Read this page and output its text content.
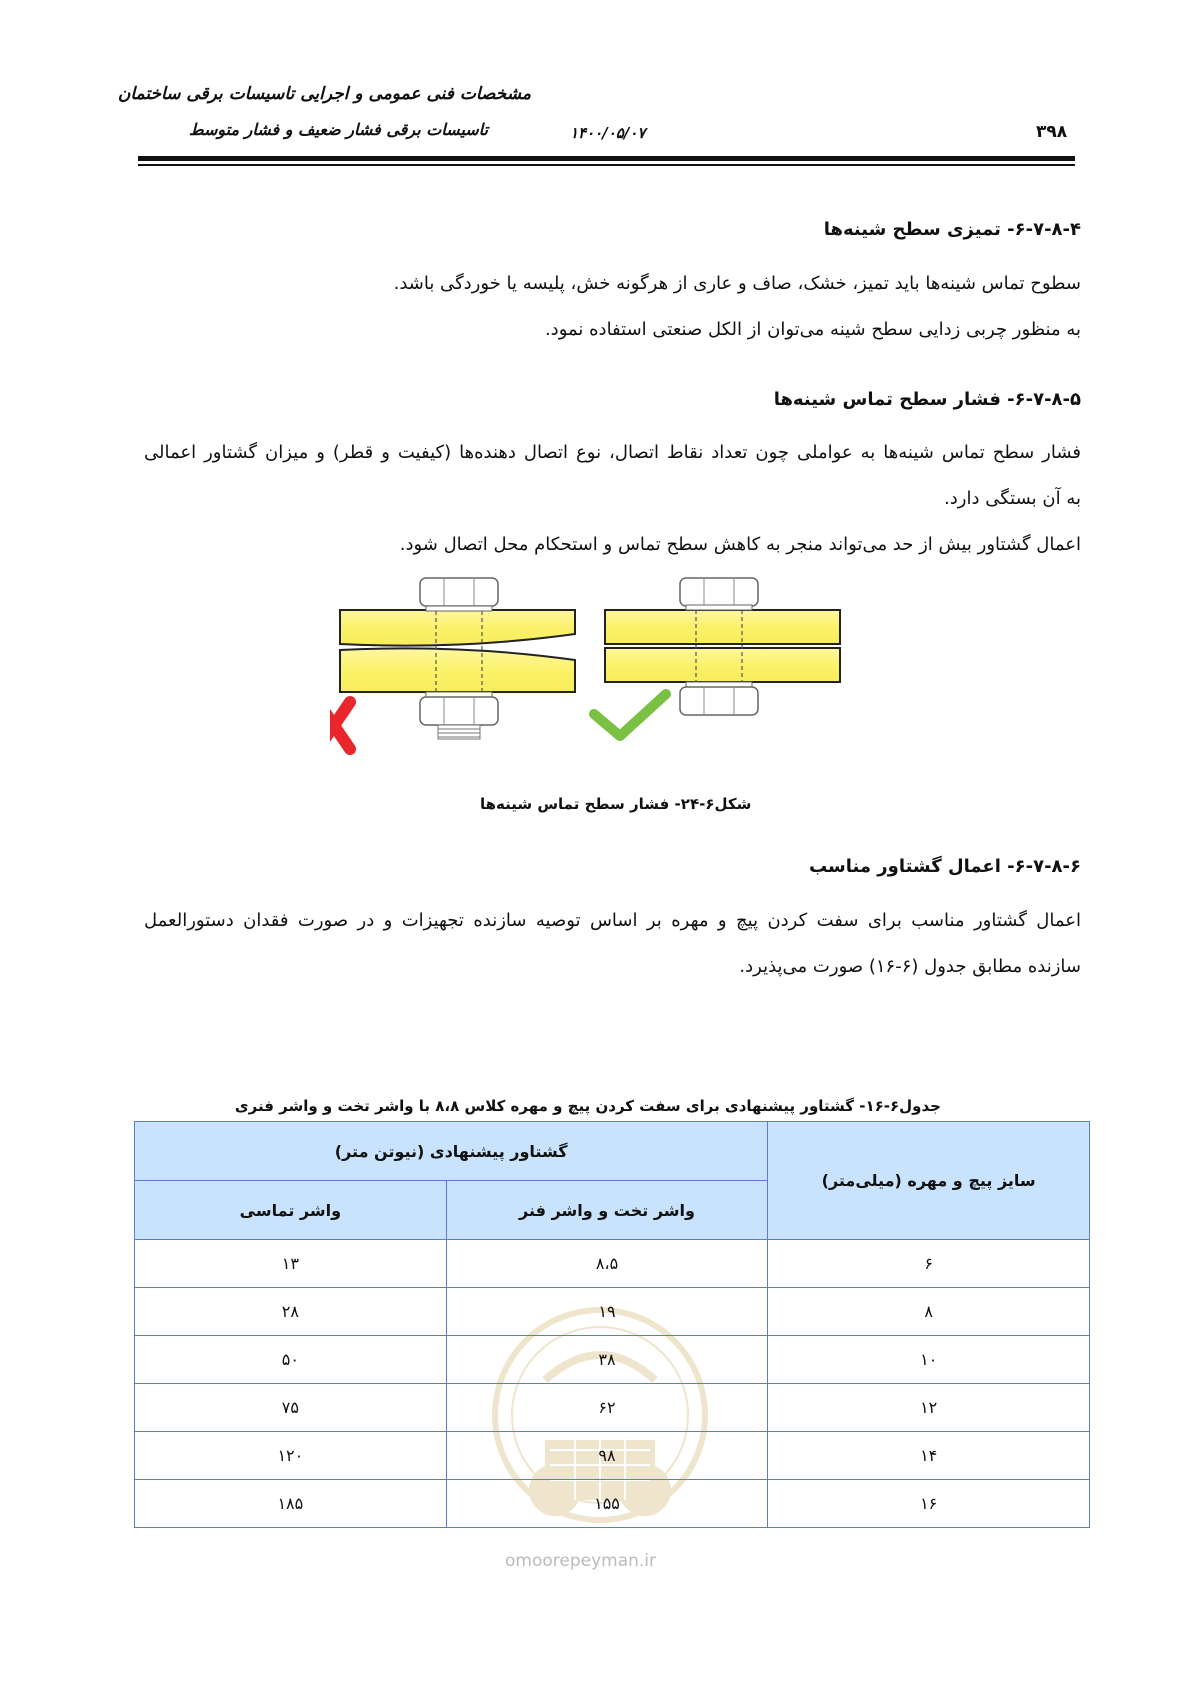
مشخصات فنی عمومی و اجرایی تاسیسات برقی ساختمان
تاسیسات برقی فشار ضعیف و فشار متوسط	۱۴۰۰/۰۵/۰۷	۳۹۸
۶-۷-۸-۴- تمیزی سطح شینه‌ها
سطوح تماس شینه‌ها باید تمیز، خشک، صاف و عاری از هرگونه خش، پلیسه یا خوردگی باشد.
به منظور چربی زدایی سطح شینه می‌توان از الکل صنعتی استفاده نمود.
۶-۷-۸-۵- فشار سطح تماس شینه‌ها
فشار سطح تماس شینه‌ها به عواملی چون تعداد نقاط اتصال، نوع اتصال دهنده‌ها (کیفیت و قطر) و میزان گشتاور اعمالی
به آن بستگی دارد.
اعمال گشتاور بیش از حد می‌تواند منجر به کاهش سطح تماس و استحکام محل اتصال شود.
شکل۶-۲۴- فشار سطح تماس شینه‌ها
۶-۷-۸-۶- اعمال گشتاور مناسب
اعمال گشتاور مناسب برای سفت کردن پیچ و مهره بر اساس توصیه سازنده تجهیزات و در صورت فقدان دستورالعمل
سازنده مطابق جدول (۶-۱۶) صورت می‌پذیرد.
omoorepeyman.ir
جدول۶-۱۶- گشتاور پیشنهادی برای سفت کردن پیچ و مهره کلاس ۸،۸ با واشر تخت و واشر فنری
سایز پیچ و مهره (میلی‌متر)	گشتاور پیشنهادی (نیوتن متر)	
	واشر تخت و واشر فنر	واشر تماسی
۶	۸،۵	۱۳
۸	۱۹	۲۸
۱۰	۳۸	۵۰
۱۲	۶۲	۷۵
۱۴	۹۸	۱۲۰
۱۶	۱۵۵	۱۸۵
